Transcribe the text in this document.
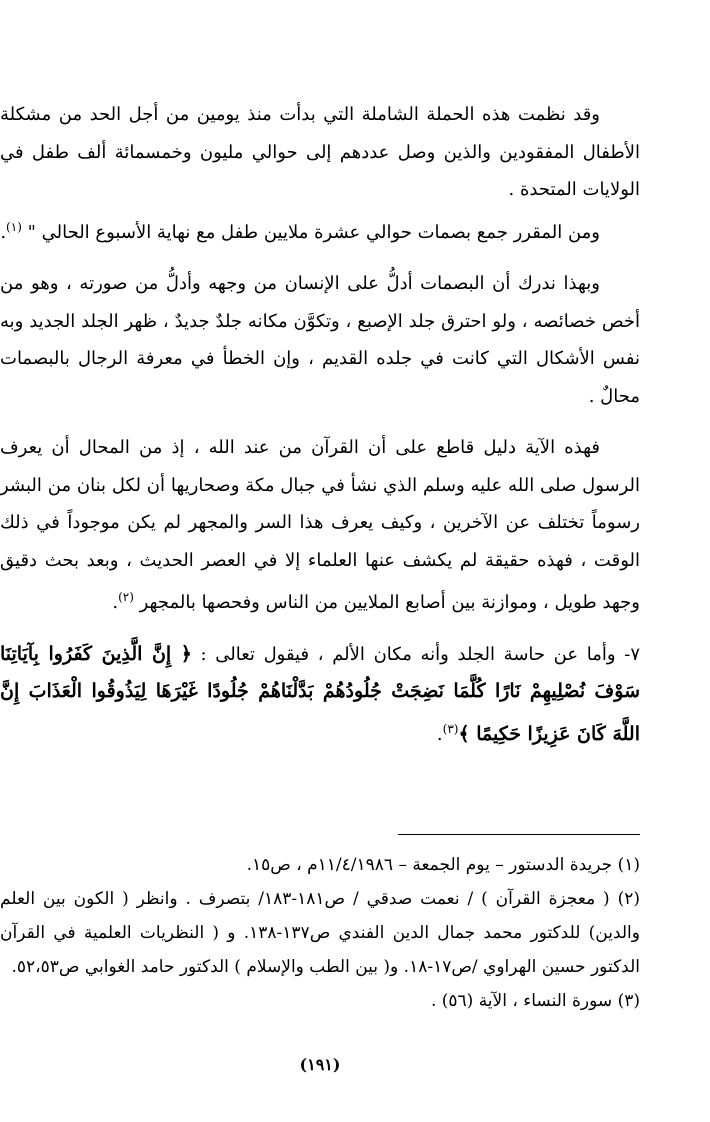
وقد نظمت هذه الحملة الشاملة التي بدأت منذ يومين من أجل الحد من مشكلة الأطفال المفقودين والذين وصل عددهم إلى حوالي مليون وخمسمائة ألف طفل في الولايات المتحدة .

ومن المقرر جمع بصمات حوالي عشرة ملايين طفل مع نهاية الأسبوع الحالي " $^{(١)}$.

وبهذا ندرك أن البصمات أدلُّ على الإنسان من وجهه وأدلُّ من صورته ، وهو من أخص خصائصه ، ولو احترق جلد الإصبع ، وتكوَّن مكانه جلدٌ جديدٌ ، ظهر الجلد الجديد وبه نفس الأشكال التي كانت في جلده القديم ، وإن الخطأ في معرفة الرجال بالبصمات محالٌ .

فهذه الآية دليل قاطع على أن القرآن من عند الله ، إذ من المحال أن يعرف الرسول صلى الله عليه وسلم الذي نشأ في جبال مكة وصحاريها أن لكل بنان من البشر رسوماً تختلف عن الآخرين ، وكيف يعرف هذا السر والمجهر لم يكن موجوداً في ذلك الوقت ، فهذه حقيقة لم يكشف عنها العلماء إلا في العصر الحديث ، وبعد بحث دقيق وجهد طويل ، وموازنة بين أصابع الملايين من الناس وفحصها بالمجهر $^{(٢)}$.

٧- وأما عن حاسة الجلد وأنه مكان الألم ، فيقول تعالى : ﴿ إِنَّ الَّذِينَ كَفَرُوا بِآيَاتِنَا سَوْفَ نُصْلِيهِمْ نَارًا كُلَّمَا نَضِجَتْ جُلُودُهُمْ بَدَّلْنَاهُمْ جُلُودًا غَيْرَهَا لِيَذُوقُوا الْعَذَابَ إِنَّ اللَّهَ كَانَ عَزِيزًا حَكِيمًا ﴾$^{(٣)}$.

(١) جريدة الدستور – يوم الجمعة – ١١/٤/١٩٨٦م ، ص١٥.

(٢) ( معجزة القرآن ) / نعمت صدقي / ص١٨١-١٨٣/ بتصرف . وانظر ( الكون بين العلم والدين) للدكتور محمد جمال الدين الفندي ص١٣٧-١٣٨. و ( النظريات العلمية في القرآن الدكتور حسين الهراوي /ص١٧-١٨. و( بين الطب والإسلام ) الدكتور حامد الغوابي ص٥٢،٥٣.

(٣) سورة النساء ، الآية (٥٦) .

(١٩١)
